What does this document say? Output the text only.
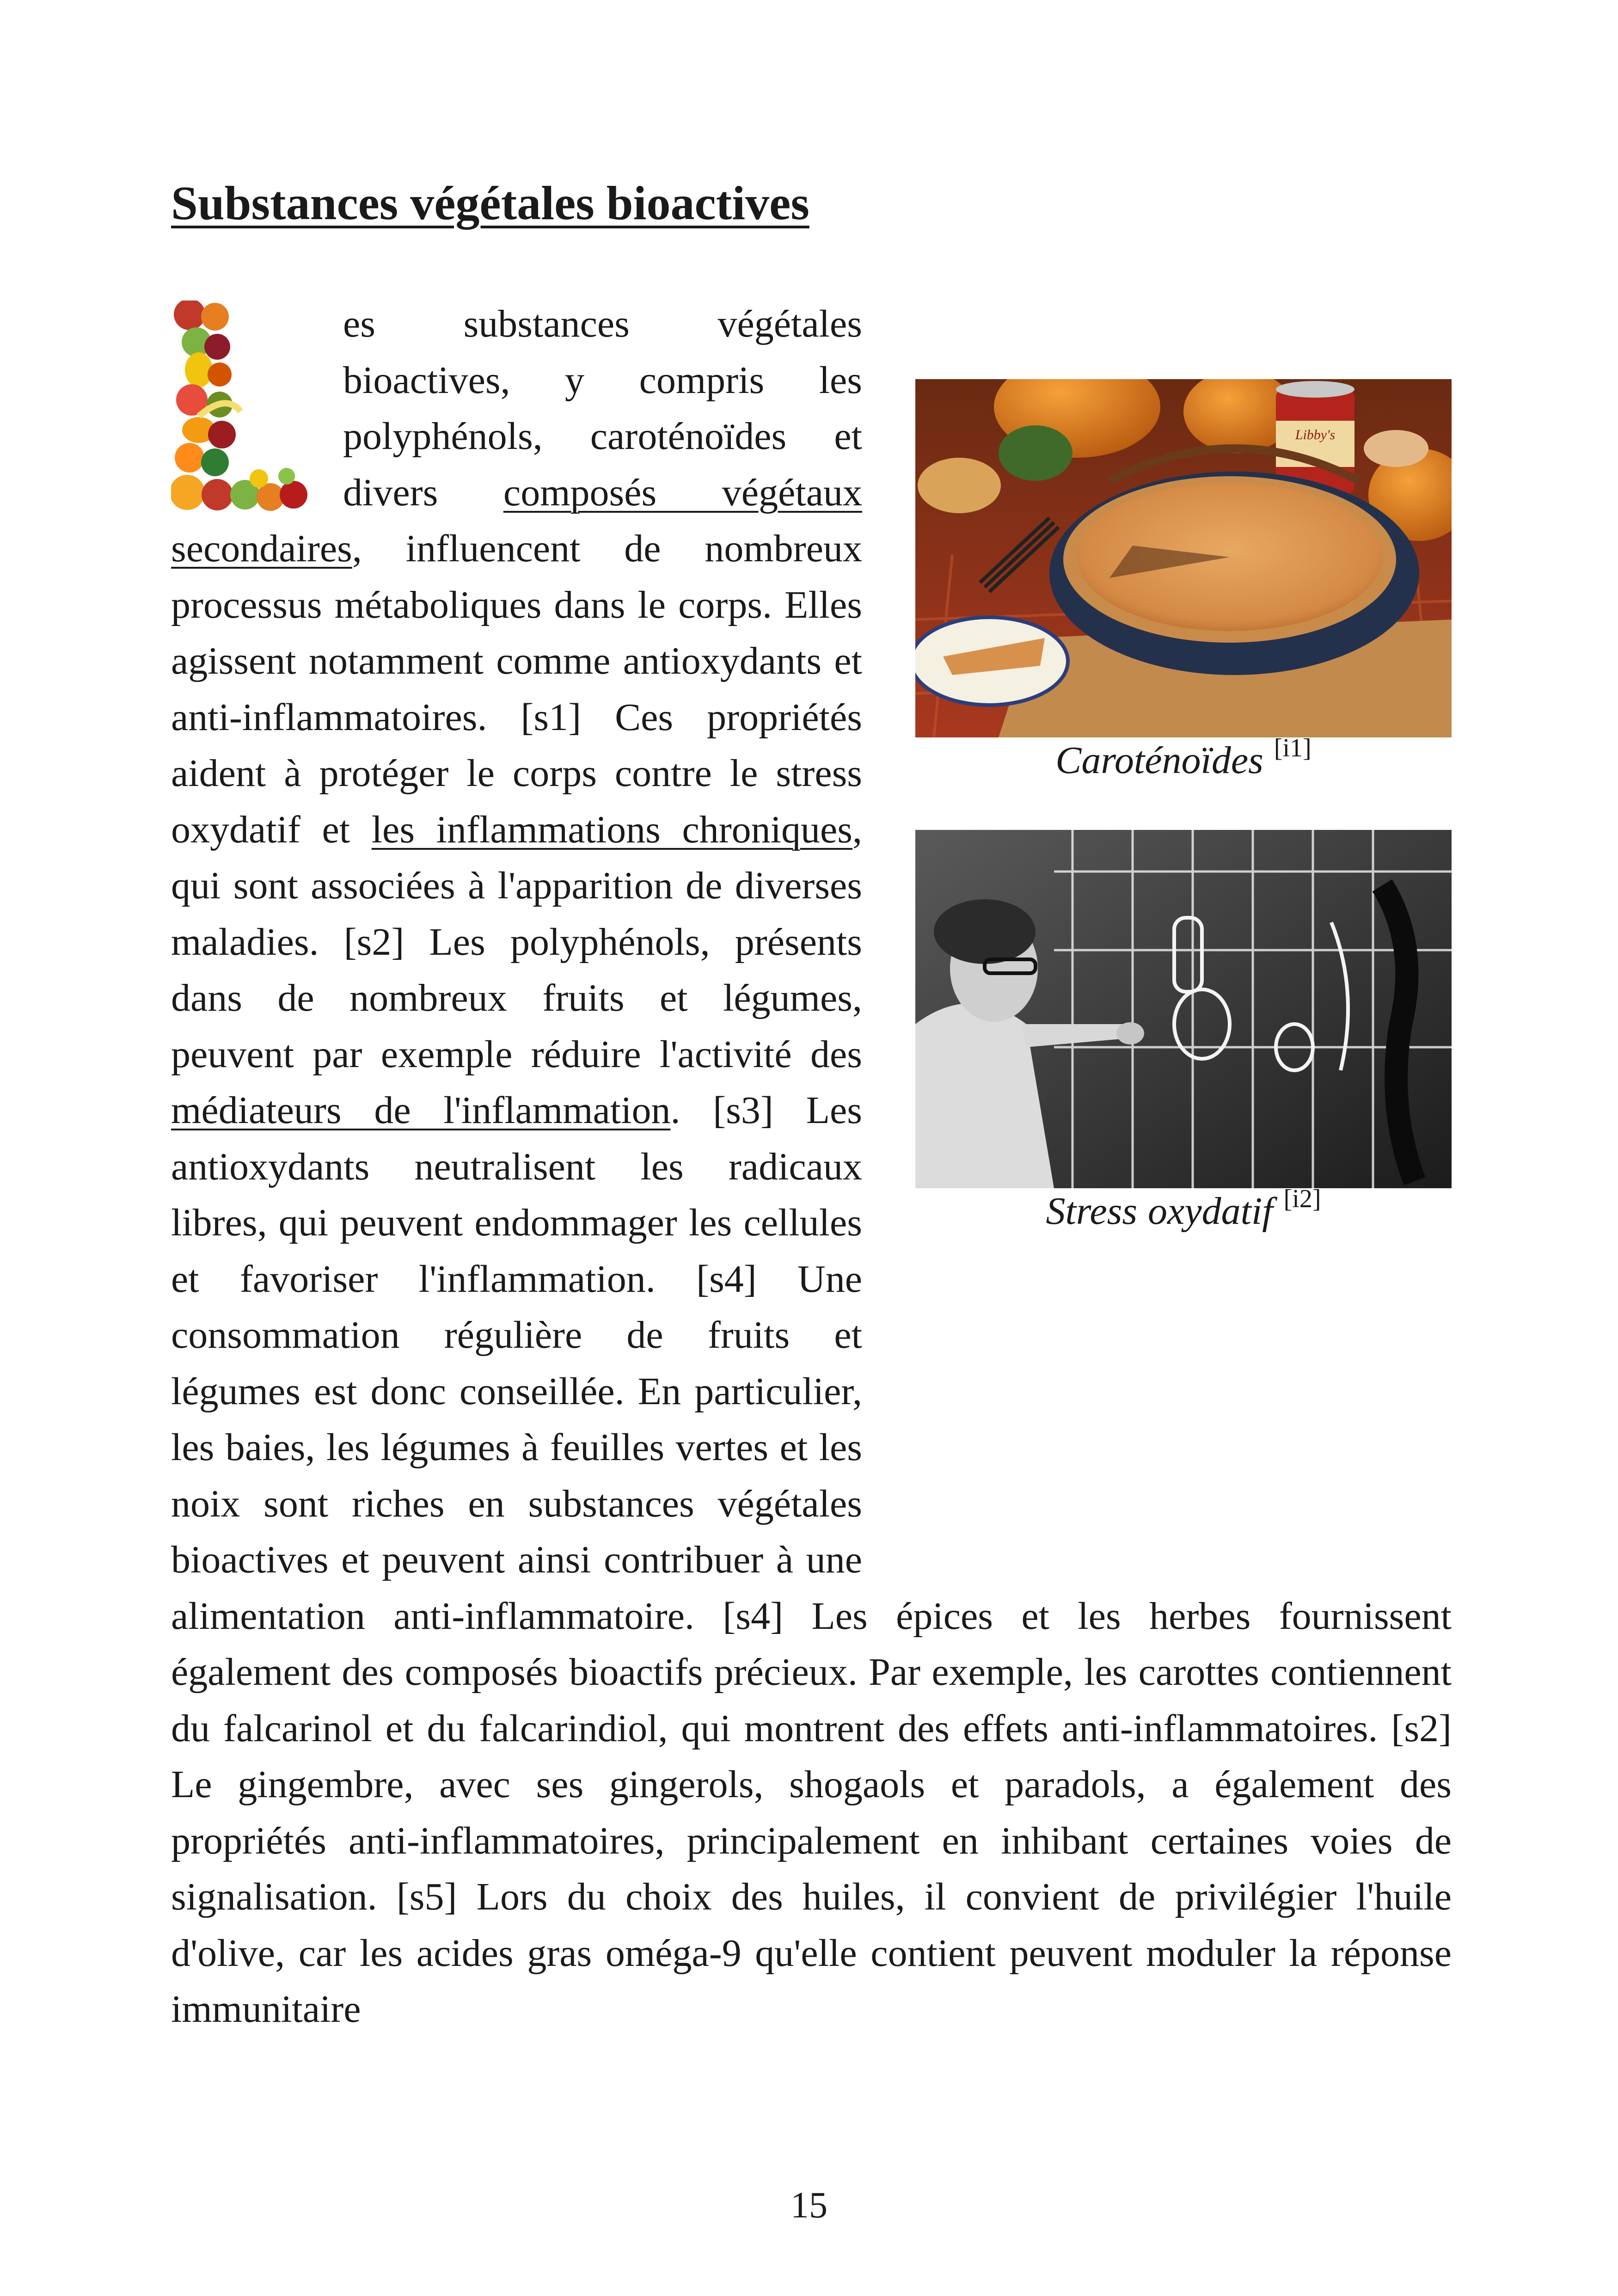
Substances végétales bioactives
Libby's

Caroténoïdes [i1]

Stress oxydatif [i2]

es substances végétales bioactives, y compris les polyphénols, caroténoïdes et divers composés végétaux secondaires, influencent de nombreux processus métaboliques dans le corps. Elles agissent notamment comme antioxydants et anti-inflammatoires. [s1] Ces propriétés aident à protéger le corps contre le stress oxydatif et les inflammations chroniques, qui sont associées à l'apparition de diverses maladies. [s2] Les polyphénols, présents dans de nombreux fruits et légumes, peuvent par exemple réduire l'activité des médiateurs de l'inflammation. [s3] Les antioxydants neutralisent les radicaux libres, qui peuvent endommager les cellules et favoriser l'inflammation. [s4] Une consommation régulière de fruits et légumes est donc conseillée. En particulier, les baies, les légumes à feuilles vertes et les noix sont riches en substances végétales bioactives et peuvent ainsi contribuer à une alimentation anti-inflammatoire. [s4] Les épices et les herbes fournissent également des composés bioactifs précieux. Par exemple, les carottes contiennent du falcarinol et du falcarindiol, qui montrent des effets anti-inflammatoires. [s2] Le gingembre, avec ses gingerols, shogaols et paradols, a également des propriétés anti-inflammatoires, principalement en inhibant certaines voies de signalisation. [s5] Lors du choix des huiles, il convient de privilégier l'huile d'olive, car les acides gras oméga-9 qu'elle contient peuvent moduler la réponse immunitaire

15
